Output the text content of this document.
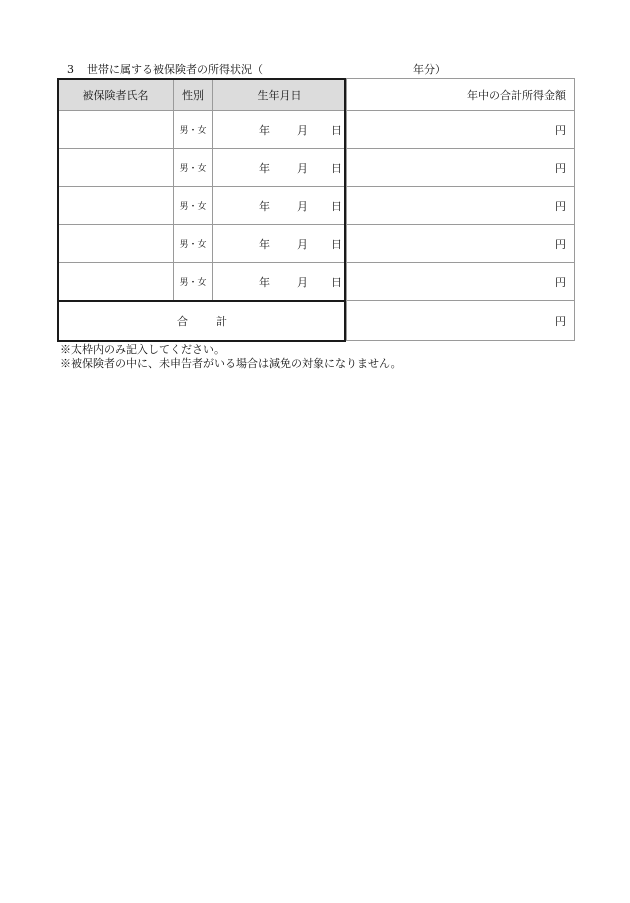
3 世帯に属する被保険者の所得状況（	年分）
被保険者氏名	性別	生年月日	年中の合計所得金額
	男・女	年 月 日	円
	男・女	年 月 日	円
	男・女	年 月 日	円
	男・女	年 月 日	円
	男・女	年 月 日	円
合 計			円
※太枠内のみ記入してください。
※被保険者の中に、未申告者がいる場合は減免の対象になりません。
